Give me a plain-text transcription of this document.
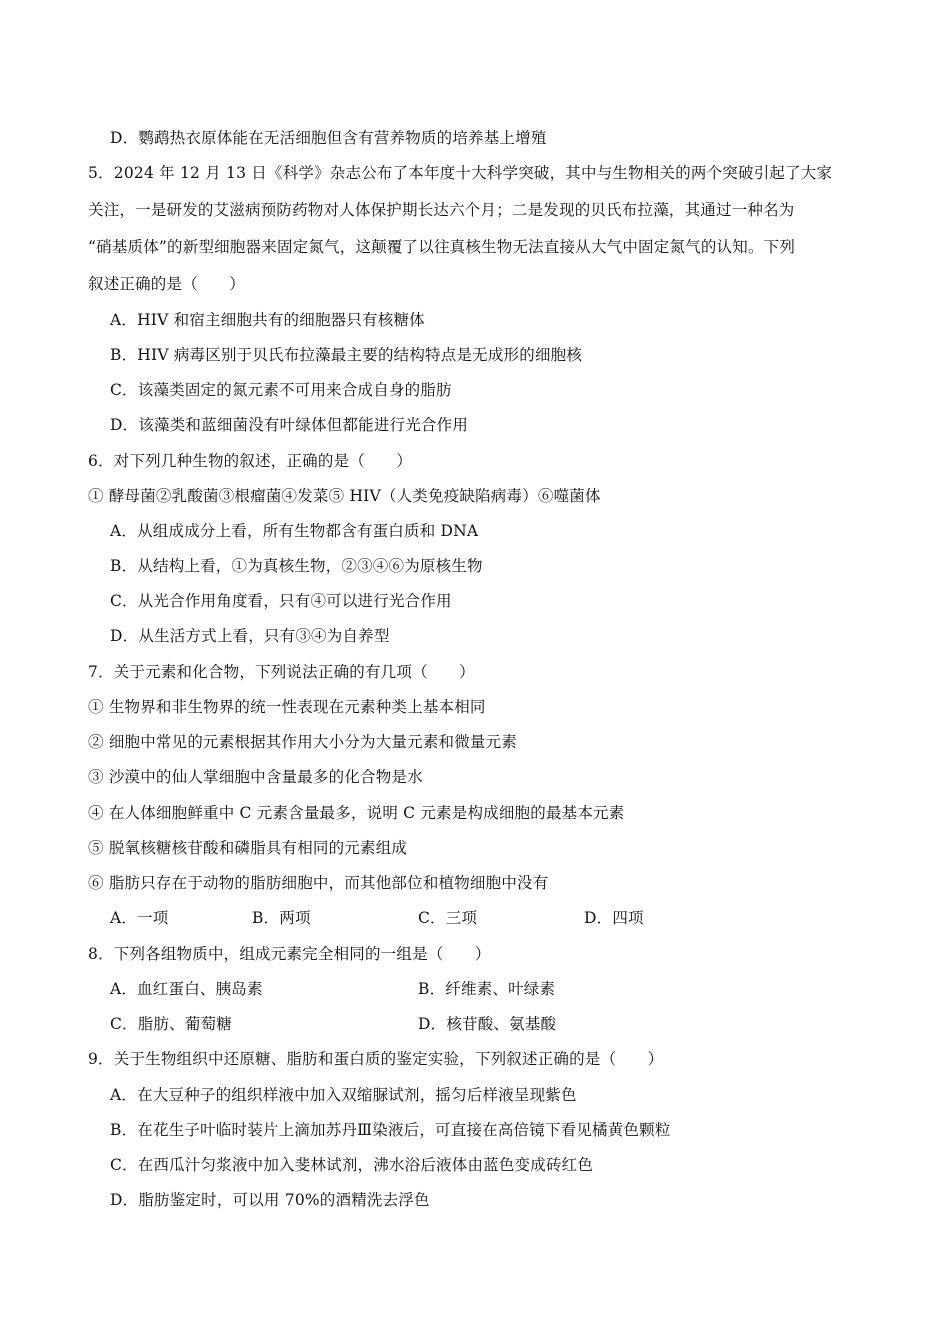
D．鹦鹉热衣原体能在无活细胞但含有营养物质的培养基上增殖
5．2024 年 12 月 13 日《科学》杂志公布了本年度十大科学突破，其中与生物相关的两个突破引起了大家
关注，一是研发的艾滋病预防药物对人体保护期长达六个月；二是发现的贝氏布拉藻，其通过一种名为
“硝基质体”的新型细胞器来固定氮气，这颠覆了以往真核生物无法直接从大气中固定氮气的认知。下列
叙述正确的是（　　）
A．HIV 和宿主细胞共有的细胞器只有核糖体
B．HIV 病毒区别于贝氏布拉藻最主要的结构特点是无成形的细胞核
C．该藻类固定的氮元素不可用来合成自身的脂肪
D．该藻类和蓝细菌没有叶绿体但都能进行光合作用
6．对下列几种生物的叙述，正确的是（　　）
① 酵母菌②乳酸菌③根瘤菌④发菜⑤ HIV（人类免疫缺陷病毒）⑥噬菌体
A．从组成成分上看，所有生物都含有蛋白质和 DNA
B．从结构上看，①为真核生物，②③④⑥为原核生物
C．从光合作用角度看，只有④可以进行光合作用
D．从生活方式上看，只有③④为自养型
7．关于元素和化合物，下列说法正确的有几项（　　）
① 生物界和非生物界的统一性表现在元素种类上基本相同
② 细胞中常见的元素根据其作用大小分为大量元素和微量元素
③ 沙漠中的仙人掌细胞中含量最多的化合物是水
④ 在人体细胞鲜重中 C 元素含量最多，说明 C 元素是构成细胞的最基本元素
⑤ 脱氧核糖核苷酸和磷脂具有相同的元素组成
⑥ 脂肪只存在于动物的脂肪细胞中，而其他部位和植物细胞中没有
A．一项	B．两项	C．三项	D．四项
8．下列各组物质中，组成元素完全相同的一组是（　　）
A．血红蛋白、胰岛素	B．纤维素、叶绿素
C．脂肪、葡萄糖	D．核苷酸、氨基酸
9．关于生物组织中还原糖、脂肪和蛋白质的鉴定实验，下列叙述正确的是（　　）
A．在大豆种子的组织样液中加入双缩脲试剂，摇匀后样液呈现紫色
B．在花生子叶临时装片上滴加苏丹Ⅲ染液后，可直接在高倍镜下看见橘黄色颗粒
C．在西瓜汁匀浆液中加入斐林试剂，沸水浴后液体由蓝色变成砖红色
D．脂肪鉴定时，可以用 70%的酒精洗去浮色
